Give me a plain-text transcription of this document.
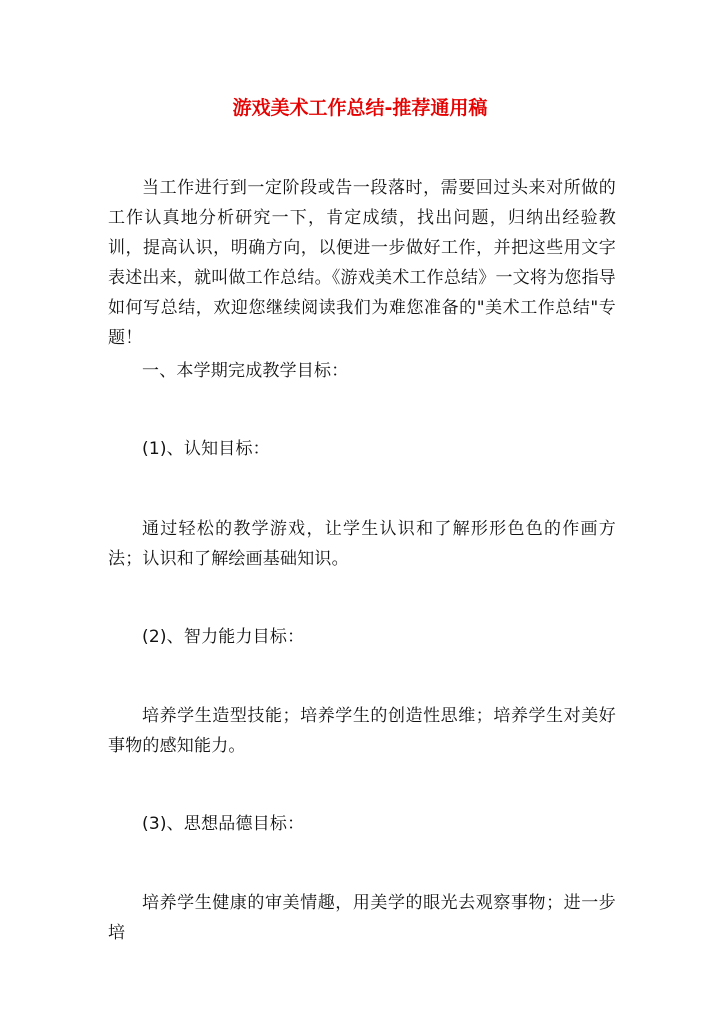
游戏美术工作总结-推荐通用稿

当工作进行到一定阶段或告一段落时，需要回过头来对所做的工作认真地分析研究一下，肯定成绩，找出问题，归纳出经验教训，提高认识，明确方向，以便进一步做好工作，并把这些用文字表述出来，就叫做工作总结。《游戏美术工作总结》一文将为您指导如何写总结，欢迎您继续阅读我们为难您准备的"美术工作总结"专题！

一、本学期完成教学目标：

(1)、认知目标：

通过轻松的教学游戏，让学生认识和了解形形色色的作画方法；认识和了解绘画基础知识。

(2)、智力能力目标：

培养学生造型技能；培养学生的创造性思维；培养学生对美好事物的感知能力。

(3)、思想品德目标：

培养学生健康的审美情趣，用美学的眼光去观察事物；进一步培
